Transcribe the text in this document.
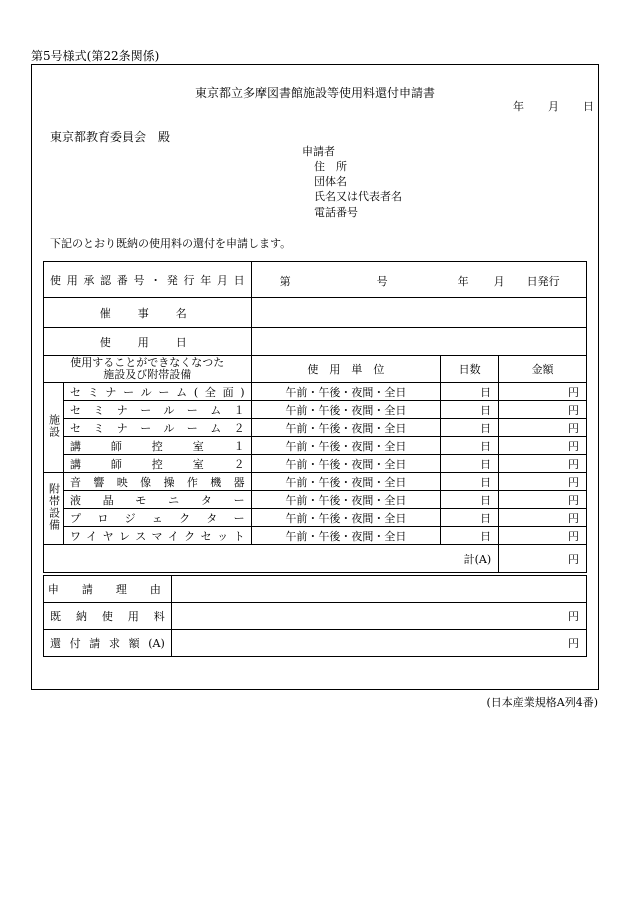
第5号様式(第22条関係)
東京都立多摩図書館施設等使用料還付申請書
年 月 日
東京都教育委員会　殿
申請者
住　所
団体名
氏名又は代表者名
電話番号
下記のとおり既納の使用料の還付を申請します。
使用承認番号・発行年月日		第 号 年 月 日発行		

催　事　名				
使　用　日				

使用することができなくなつた
施設及び附帯設備		使　用　単　位	日数	金額
施設	セミナールーム(全面)	午前・午後・夜間・全日	日	円
	セミナールーム１	午前・午後・夜間・全日	日	円
	セミナールーム２	午前・午後・夜間・全日	日	円
	講師控室１	午前・午後・夜間・全日	日	円
	講師控室２	午前・午後・夜間・全日	日	円
附帯設備	音響映像操作機器	午前・午後・夜間・全日	日	円
	液晶モニター	午前・午後・夜間・全日	日	円
	プロジェクター	午前・午後・夜間・全日	日	円
	ワイヤレスマイクセット	午前・午後・夜間・全日	日	円
計(A)				円
申　請　理　由	
既納使用料	円
還付請求額(A)	円
(日本産業規格A列4番)
